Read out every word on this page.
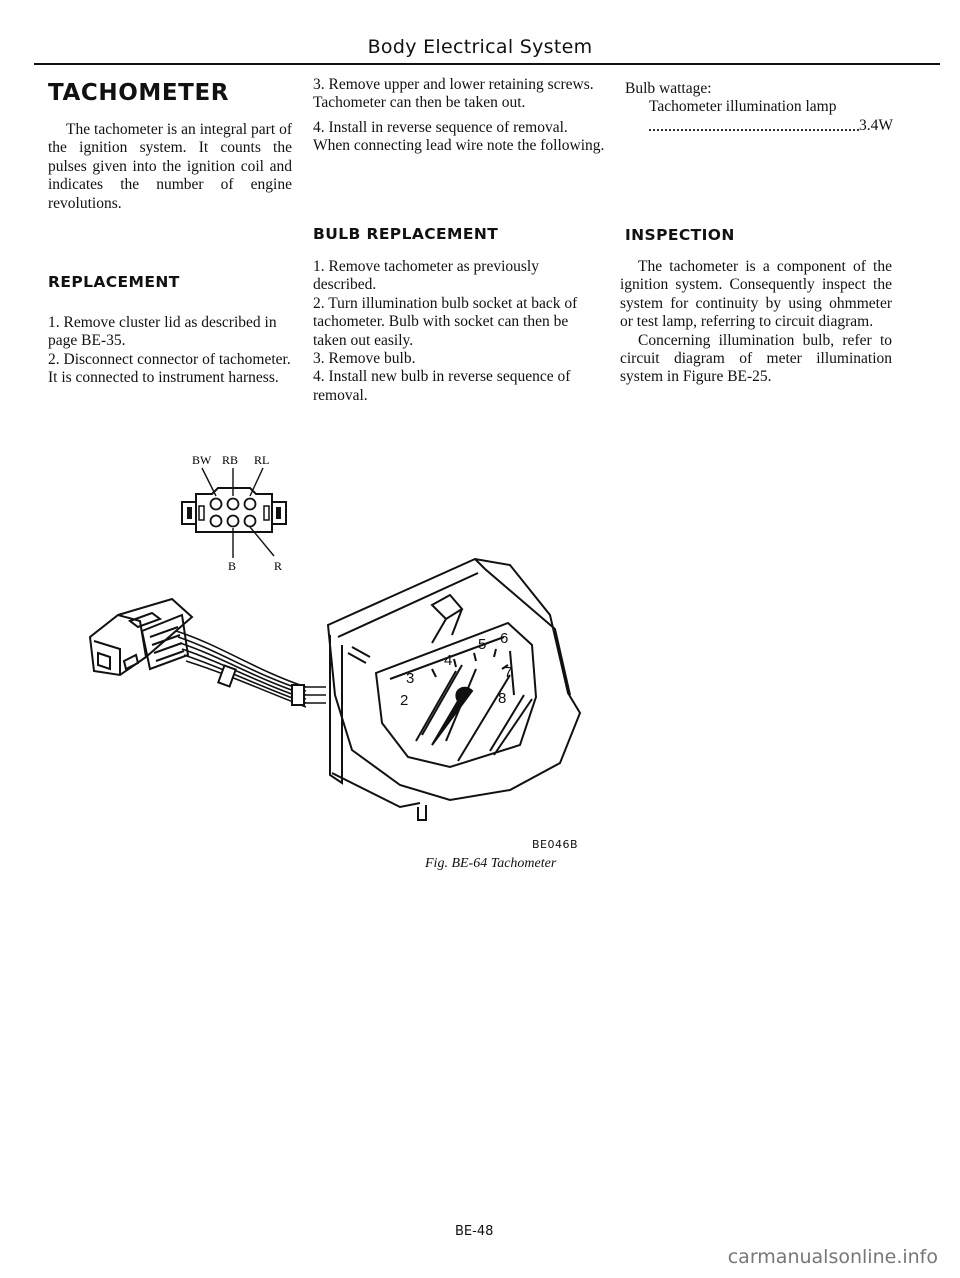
Body Electrical System
TACHOMETER

The tachometer is an integral part of the ignition system. It counts the pulses given into the ignition coil and indicates the number of engine revolutions.

REPLACEMENT

1. Remove cluster lid as described in page BE-35.

2. Disconnect connector of tachometer. It is connected to instrument harness.

3. Remove upper and lower retaining screws. Tachometer can then be taken out.

4. Install in reverse sequence of removal. When connecting lead wire note the following.

BULB REPLACEMENT

1. Remove tachometer as previously described.

2. Turn illumination bulb socket at back of tachometer. Bulb with socket can then be taken out easily.

3. Remove bulb.

4. Install new bulb in reverse sequence of removal.

Bulb wattage:

Tachometer illumination lamp

3.4W
INSPECTION

The tachometer is a component of the ignition system. Consequently inspect the system for continuity by using ohmmeter or test lamp, referring to circuit diagram.

Concerning illumination bulb, refer to circuit diagram of meter illumination system in Figure BE-25.

BW RB RL
B	R
2
3
4
5 6
7
8
BE046B
Fig. BE-64 Tachometer
BE-48
carmanualsonline.info
